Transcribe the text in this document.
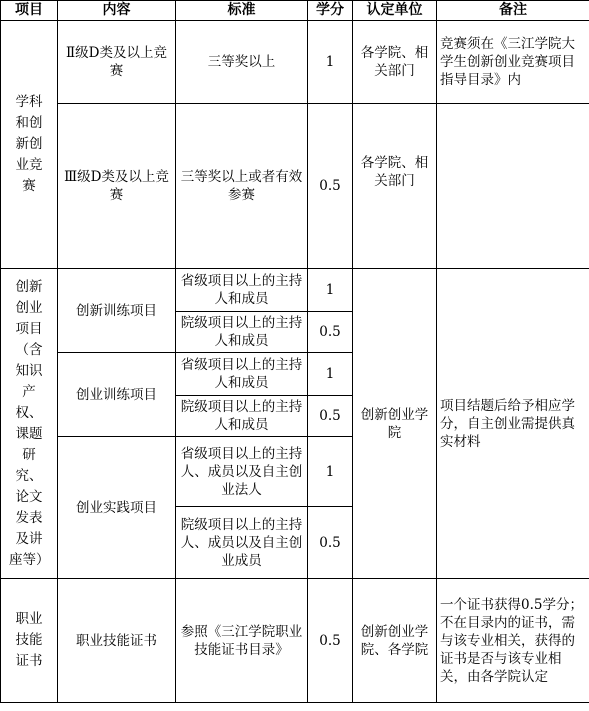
项目	内容	标准	学分	认定单位	备注
学科和创新创业竞赛	Ⅱ级D类及以上竞赛	三等奖以上	1	各学院、相关部门	竞赛须在《三江学院大学生创新创业竞赛项目指导目录》内
	Ⅲ级D类及以上竞赛	三等奖以上或者有效参赛	0.5	各学院、相关部门	
创新创业项目（含知识产权、课题研究、论文发表及讲座等）	创新训练项目	省级项目以上的主持人和成员	1	创新创业学院	项目结题后给予相应学分，自主创业需提供真实材料
		院级项目以上的主持人和成员	0.5		
	创业训练项目	省级项目以上的主持人和成员	1		
		院级项目以上的主持人和成员	0.5		
	创业实践项目	省级项目以上的主持人、成员以及自主创业法人	1		
		院级项目以上的主持人、成员以及自主创业成员	0.5		
职业技能证书	职业技能证书	参照《三江学院职业技能证书目录》	0.5	创新创业学院、各学院	一个证书获得0.5学分；不在目录内的证书，需与该专业相关，获得的证书是否与该专业相关，由各学院认定
